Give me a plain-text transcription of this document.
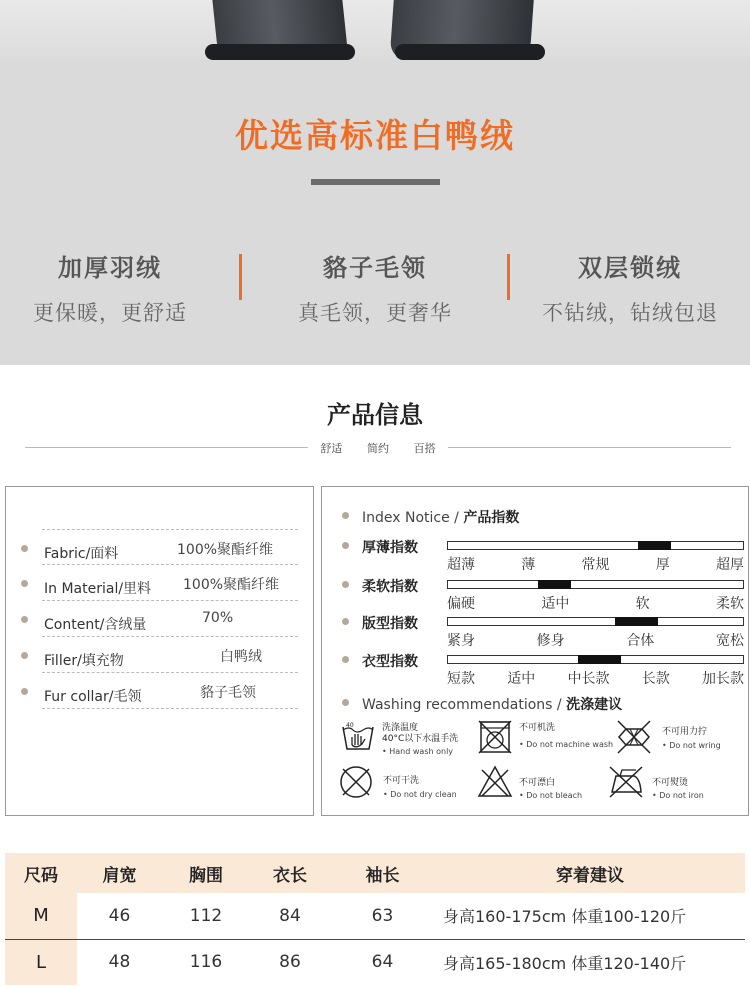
优选高标准白鸭绒
加厚羽绒
更保暖，更舒适
貉子毛领
真毛领，更奢华
双层锁绒
不钻绒，钻绒包退
产品信息
舒适 简约 百搭
Fabric/面料	100%聚酯纤维
In Material/里料 100%聚酯纤维
Content/含绒量	70%
Filler/填充物	白鸭绒
Fur collar/毛领	貉子毛领
Index Notice / 产品指数
厚薄指数
超薄	薄	常规	厚	超厚
柔软指数
偏硬	适中	软	柔软
版型指数
紧身	修身	合体	宽松
衣型指数
短款 适中 中长款 长款 加长款
Washing recommendations / 洗涤建议
40	洗涤温度
40°C以下水温手洗
• Hand wash only
不可机洗
• Do not machine wash
不可用力拧
• Do not wring
不可干洗
• Do not dry clean
不可漂白
• Do not bleach
不可熨烫
• Do not iron
尺码	肩宽	胸围	衣长	袖长	穿着建议
M	46	112	84	63	身高160-175cm 体重100-120斤
L	48	116	86	64	身高165-180cm 体重120-140斤
